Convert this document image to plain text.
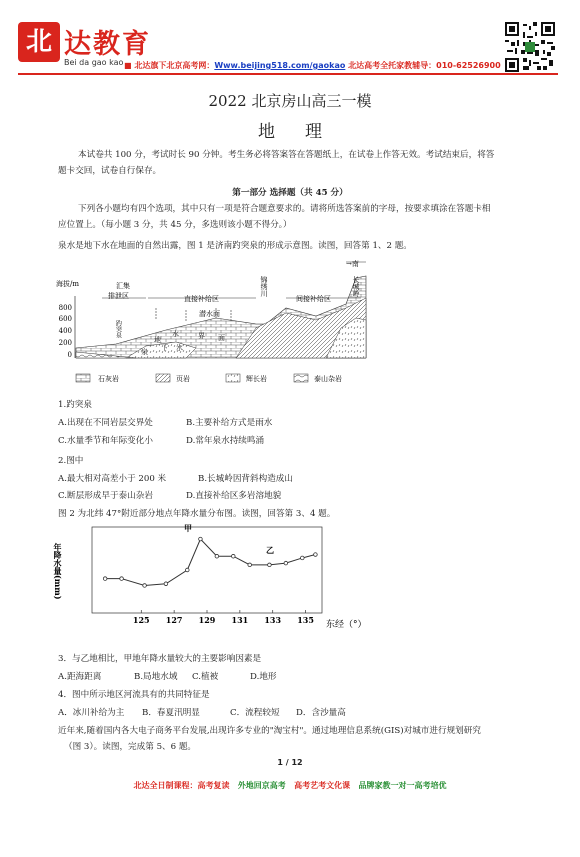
北 达教育
Bei da gao kao ■ 北达旗下北京高考网：Www.beijing518.com/gaokao 北达高考全托家教辅导：010-62526900
2022 北京房山高三一模
地理
本试卷共 100 分，考试时长 90 分钟。考生务必将答案答在答题纸上，在试卷上作答无效。考试结束后，将答
题卡交回，试卷自行保存。
第一部分 选择题（共 45 分）
下列各小题均有四个选项，其中只有一项是符合题意要求的。请将所选答案前的字母，按要求填涂在答题卡相
应位置上。（每小题 3 分，共 45 分，多选则该小题不得分。）
泉水是地下水在地面的自然出露，图 1 是济南趵突泉的形成示意图。读图，回答第 1、2 题。
海拔/m
800
600
400
200
0
→南
汇集 排泄区	直接补给区	间接补给区
锦绣川	长城岭
趵突泉
潜水面
水
水
泉
地
下
界 面
石灰岩	页岩	辉长岩	泰山杂岩
1.趵突泉
A.出现在不同岩层交界处	B.主要补给方式是雨水
C.水量季节和年际变化小	D.常年泉水持续鸣涌
2.图中
A.最大相对高差小于 200 米	B.长城岭因背斜构造成山
C.断层形成早于泰山杂岩	D.直接补给区多岩溶地貌
图 2 为北纬 47°附近部分地点年降水量分布图。读图，回答第 3、4 题。
年降水量(mm)
125 127 129 131 133 135 东经（°）
甲
乙
3．与乙地相比，甲地年降水量较大的主要影响因素是
A.距海距离	B.局地水域 C.植被	D.地形
4．图中所示地区河流具有的共同特征是
A．冰川补给为主 B．春夏汛明显	C．流程较短 D．含沙量高
近年来,随着国内各大电子商务平台发展,出现许多专业的"淘宝村"。通过地理信息系统(GIS)对城市进行规划研究
（图 3）。读图，完成第 5、6 题。
1 / 12
北达全日制课程：高考复读 外地回京高考 高考艺考文化课 品牌家教一对一高考培优
